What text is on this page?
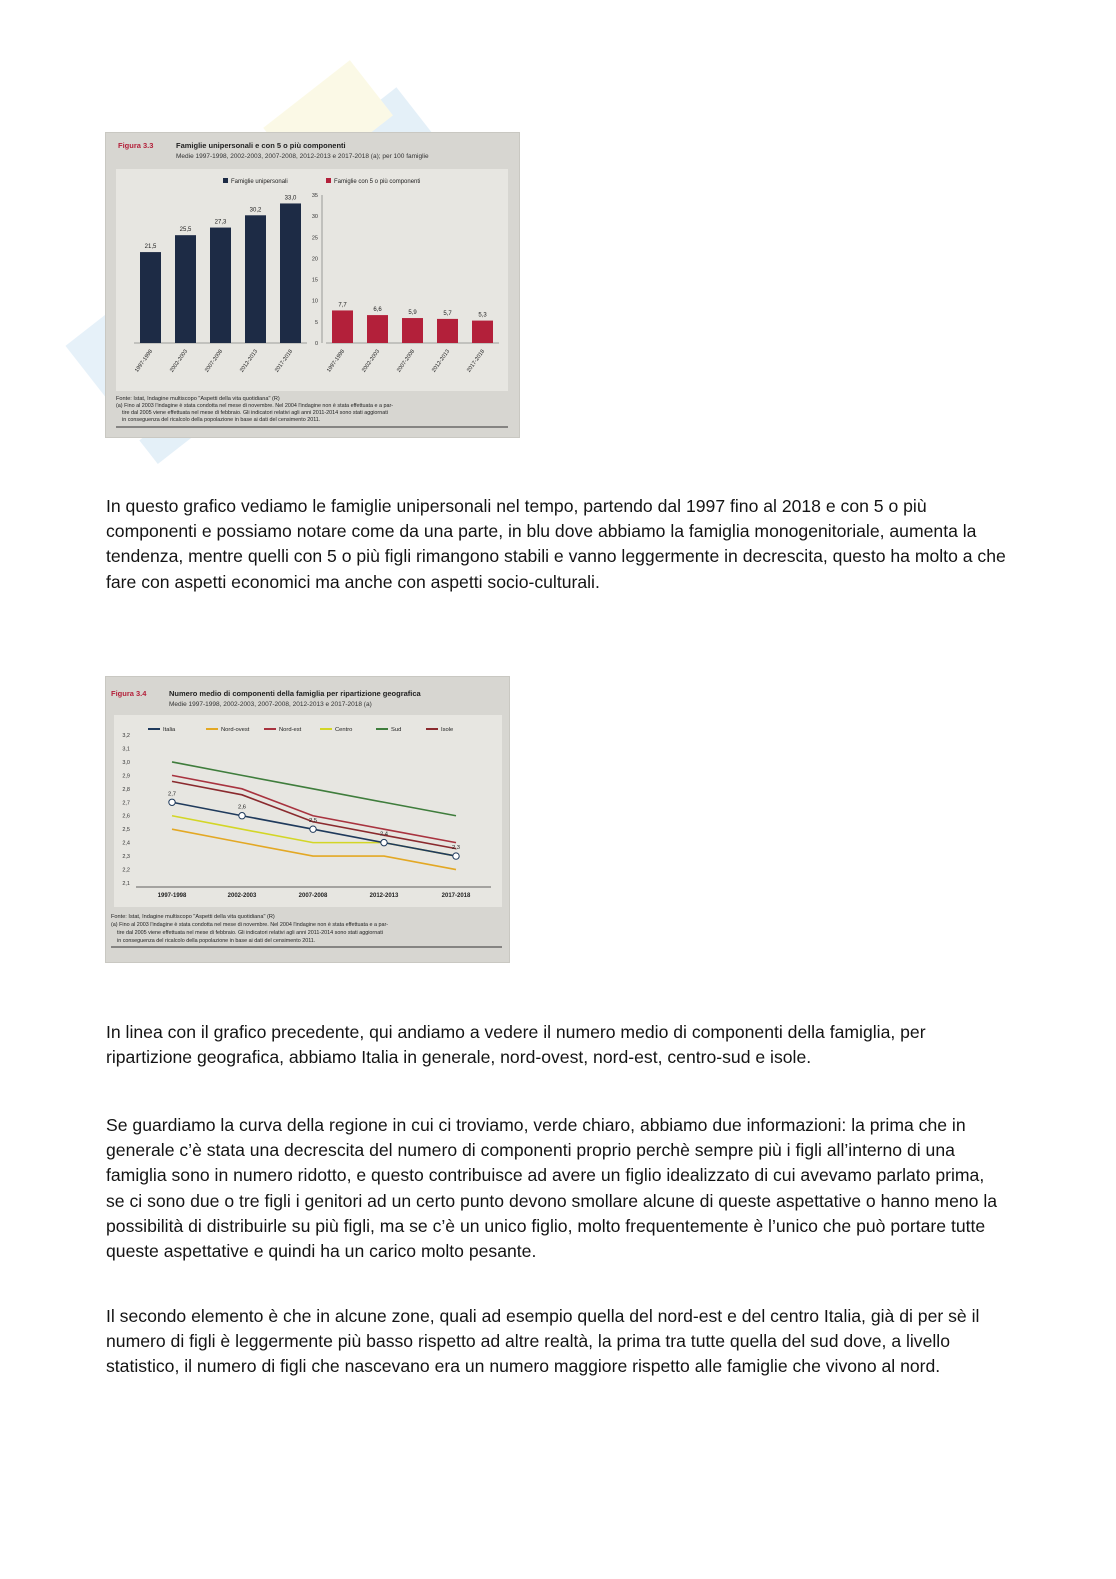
Figura 3.3	Famiglie unipersonali e con 5 o più componenti
Medie 1997-1998, 2002-2003, 2007-2008, 2012-2013 e 2017-2018 (a); per 100 famiglie
Famiglie unipersonali	Famiglie con 5 o più componenti
0
5
10
15
20
25
30
35
21,5
1997-1998
25,5
2002-2003
27,3
2007-2008
30,2
2012-2013
33,0
2017-2018
7,7
1997-1998
6,6
2002-2003
5,9
2007-2008
5,7
2012-2013
5,3
2017-2018
Fonte: Istat, Indagine multiscopo "Aspetti della vita quotidiana" (R)
(a) Fino al 2003 l'indagine è stata condotta nel mese di novembre. Nel 2004 l'indagine non è stata effettuata e a par-
tire dal 2005 viene effettuata nel mese di febbraio. Gli indicatori relativi agli anni 2011-2014 sono stati aggiornati
in conseguenza del ricalcolo della popolazione in base ai dati del censimento 2011.

In questo grafico vediamo le famiglie unipersonali nel tempo, partendo dal 1997 fino al 2018 e con 5 o più componenti e possiamo notare come da una parte, in blu dove abbiamo la famiglia monogenitoriale, aumenta la tendenza, mentre quelli con 5 o più figli rimangono stabili e vanno leggermente in decrescita, questo ha molto a che fare con aspetti economici ma anche con aspetti socio-culturali.

Figura 3.4	Numero medio di componenti della famiglia per ripartizione geografica
Medie 1997-1998, 2002-2003, 2007-2008, 2012-2013 e 2017-2018 (a)
Italia	Nord-ovest	Nord-est	Centro	Sud	Isole
2,1
2,2
2,3
2,4
2,5
2,6
2,7
2,8
2,9
3,0
3,1
3,2
1997-1998	2002-2003	2007-2008	2012-2013	2017-2018
2,7
2,6
2,5
2,4
2,3
Fonte: Istat, Indagine multiscopo "Aspetti della vita quotidiana" (R)
(a) Fino al 2003 l'indagine è stata condotta nel mese di novembre. Nel 2004 l'indagine non è stata effettuata e a par-
tire dal 2005 viene effettuata nel mese di febbraio. Gli indicatori relativi agli anni 2011-2014 sono stati aggiornati
in conseguenza del ricalcolo della popolazione in base ai dati del censimento 2011.

In linea con il grafico precedente, qui andiamo a vedere il numero medio di componenti della famiglia, per ripartizione geografica, abbiamo Italia in generale, nord-ovest, nord-est, centro-sud e isole.

Se guardiamo la curva della regione in cui ci troviamo, verde chiaro, abbiamo due informazioni: la prima che in generale c’è stata una decrescita del numero di componenti proprio perchè sempre più i figli all’interno di una famiglia sono in numero ridotto, e questo contribuisce ad avere un figlio idealizzato di cui avevamo parlato prima, se ci sono due o tre figli i genitori ad un certo punto devono smollare alcune di queste aspettative o hanno meno la possibilità di distribuirle su più figli, ma se c’è un unico figlio, molto frequentemente è l’unico che può portare tutte queste aspettative e quindi ha un carico molto pesante.

Il secondo elemento è che in alcune zone, quali ad esempio quella del nord-est e del centro Italia, già di per sè il numero di figli è leggermente più basso rispetto ad altre realtà, la prima tra tutte quella del sud dove, a livello statistico, il numero di figli che nascevano era un numero maggiore rispetto alle famiglie che vivono al nord.
